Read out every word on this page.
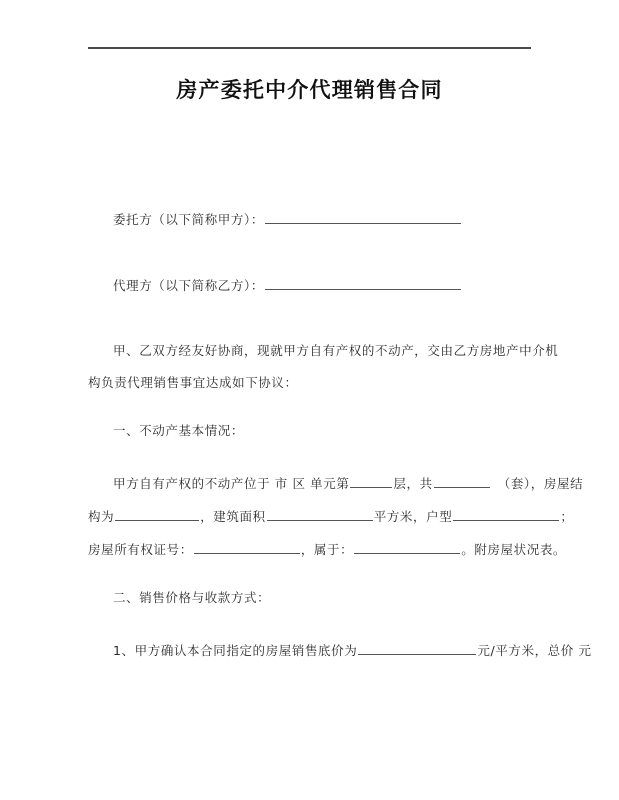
房产委托中介代理销售合同
委托方（以下简称甲方）：
代理方（以下简称乙方）：
甲、乙双方经友好协商，现就甲方自有产权的不动产，交由乙方房地产中介机
构负责代理销售事宜达成如下协议：
一、不动产基本情况：
甲方自有产权的不动产位于 市 区 单元第	层，共	（套），房屋结
构为	，建筑面积	平方米，户型	；
房屋所有权证号：	，属于：	。附房屋状况表。
二、销售价格与收款方式：
1、甲方确认本合同指定的房屋销售底价为	元/平方米，总价 元
